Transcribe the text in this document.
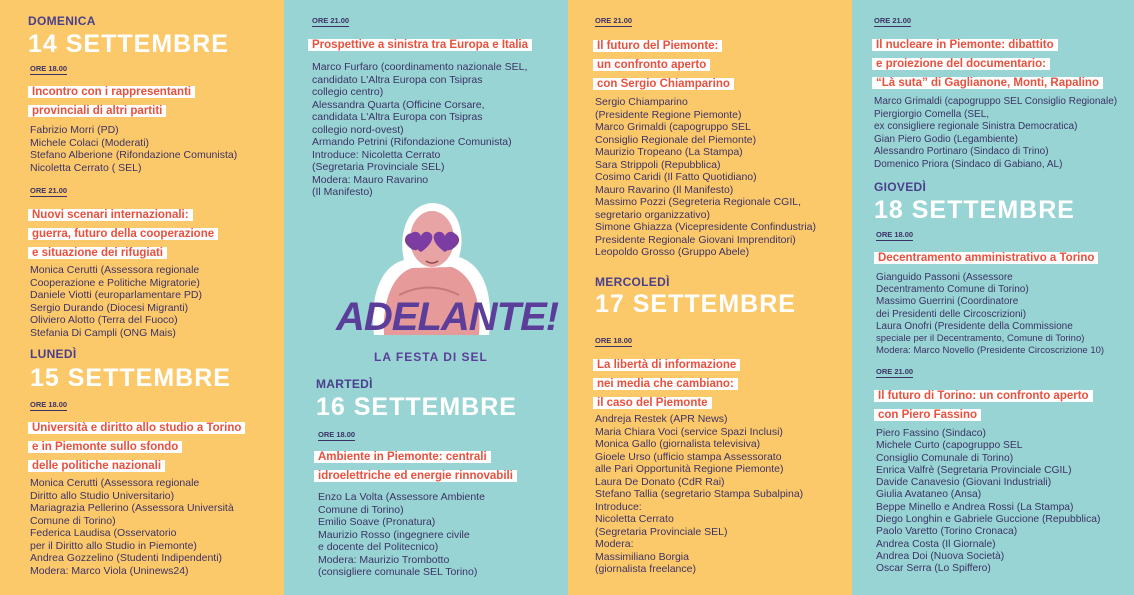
DOMENICA
14 SETTEMBRE
ORE 18.00
Incontro con i rappresentanti
provinciali di altri partiti
Fabrizio Morri (PD)
Michele Colaci (Moderati)
Stefano Alberione (Rifondazione Comunista)
Nicoletta Cerrato ( SEL)
ORE 21.00
Nuovi scenari internazionali:
guerra, futuro della cooperazione
e situazione dei rifugiati
Monica Cerutti (Assessora regionale
Cooperazione e Politiche Migratorie)
Daniele Viotti (europarlamentare PD)
Sergio Durando (Diocesi Migranti)
Oliviero Alotto (Terra del Fuoco)
Stefania Di Campli (ONG Mais)
LUNEDÌ
15 SETTEMBRE
ORE 18.00
Università e diritto allo studio a Torino
e in Piemonte sullo sfondo
delle politiche nazionali
Monica Cerutti (Assessora regionale
Diritto allo Studio Universitario)
Mariagrazia Pellerino (Assessora Università
Comune di Torino)
Federica Laudisa (Osservatorio
per il Diritto allo Studio in Piemonte)
Andrea Gozzelino (Studenti Indipendenti)
Modera: Marco Viola (Uninews24)
ORE 21.00
Prospettive a sinistra tra Europa e Italia
Marco Furfaro (coordinamento nazionale SEL,
candidato L'Altra Europa con Tsipras
collegio centro)
Alessandra Quarta (Officine Corsare,
candidata L'Altra Europa con Tsipras
collegio nord-ovest)
Armando Petrini (Rifondazione Comunista)
Introduce: Nicoletta Cerrato
(Segretaria Provinciale SEL)
Modera: Mauro Ravarino
(Il Manifesto)
ADELANTE!
LA FESTA DI SEL
MARTEDÌ
16 SETTEMBRE
ORE 18.00
Ambiente in Piemonte: centrali
idroelettriche ed energie rinnovabili
Enzo La Volta (Assessore Ambiente
Comune di Torino)
Emilio Soave (Pronatura)
Maurizio Rosso (ingegnere civile
e docente del Politecnico)
Modera: Maurizio Trombotto
(consigliere comunale SEL Torino)
ORE 21.00
Il futuro del Piemonte:
un confronto aperto
con Sergio Chiamparino
Sergio Chiamparino
(Presidente Regione Piemonte)
Marco Grimaldi (capogruppo SEL
Consiglio Regionale del Piemonte)
Maurizio Tropeano (La Stampa)
Sara Strippoli (Repubblica)
Cosimo Caridi (Il Fatto Quotidiano)
Mauro Ravarino (Il Manifesto)
Massimo Pozzi (Segreteria Regionale CGIL,
segretario organizzativo)
Simone Ghiazza (Vicepresidente Confindustria)
Presidente Regionale Giovani Imprenditori)
Leopoldo Grosso (Gruppo Abele)
MERCOLEDÌ
17 SETTEMBRE
ORE 18.00
La libertà di informazione
nei media che cambiano:
il caso del Piemonte
Andreja Restek (APR News)
Maria Chiara Voci (service Spazi Inclusi)
Monica Gallo (giornalista televisiva)
Gioele Urso (ufficio stampa Assessorato
alle Pari Opportunità Regione Piemonte)
Laura De Donato (CdR Rai)
Stefano Tallia (segretario Stampa Subalpina)
Introduce:
Nicoletta Cerrato
(Segretaria Provinciale SEL)
Modera:
Massimiliano Borgia
(giornalista freelance)
ORE 21.00
Il nucleare in Piemonte: dibattito
e proiezione del documentario:
“Là suta” di Gaglianone, Monti, Rapalino
Marco Grimaldi (capogruppo SEL Consiglio Regionale)
Piergiorgio Comella (SEL,
ex consigliere regionale Sinistra Democratica)
Gian Piero Godio (Legambiente)
Alessandro Portinaro (Sindaco di Trino)
Domenico Priora (Sindaco di Gabiano, AL)
GIOVEDÌ
18 SETTEMBRE
ORE 18.00
Decentramento amministrativo a Torino
Gianguido Passoni (Assessore
Decentramento Comune di Torino)
Massimo Guerrini (Coordinatore
dei Presidenti delle Circoscrizioni)
Laura Onofri (Presidente della Commissione
speciale per il Decentramento, Comune di Torino)
Modera: Marco Novello (Presidente Circoscrizione 10)
ORE 21.00
Il futuro di Torino: un confronto aperto
con Piero Fassino
Piero Fassino (Sindaco)
Michele Curto (capogruppo SEL
Consiglio Comunale di Torino)
Enrica Valfrè (Segretaria Provinciale CGIL)
Davide Canavesio (Giovani Industriali)
Giulia Avataneo (Ansa)
Beppe Minello e Andrea Rossi (La Stampa)
Diego Longhin e Gabriele Guccione (Repubblica)
Paolo Varetto (Torino Cronaca)
Andrea Costa (Il Giornale)
Andrea Doi (Nuova Società)
Oscar Serra (Lo Spiffero)
